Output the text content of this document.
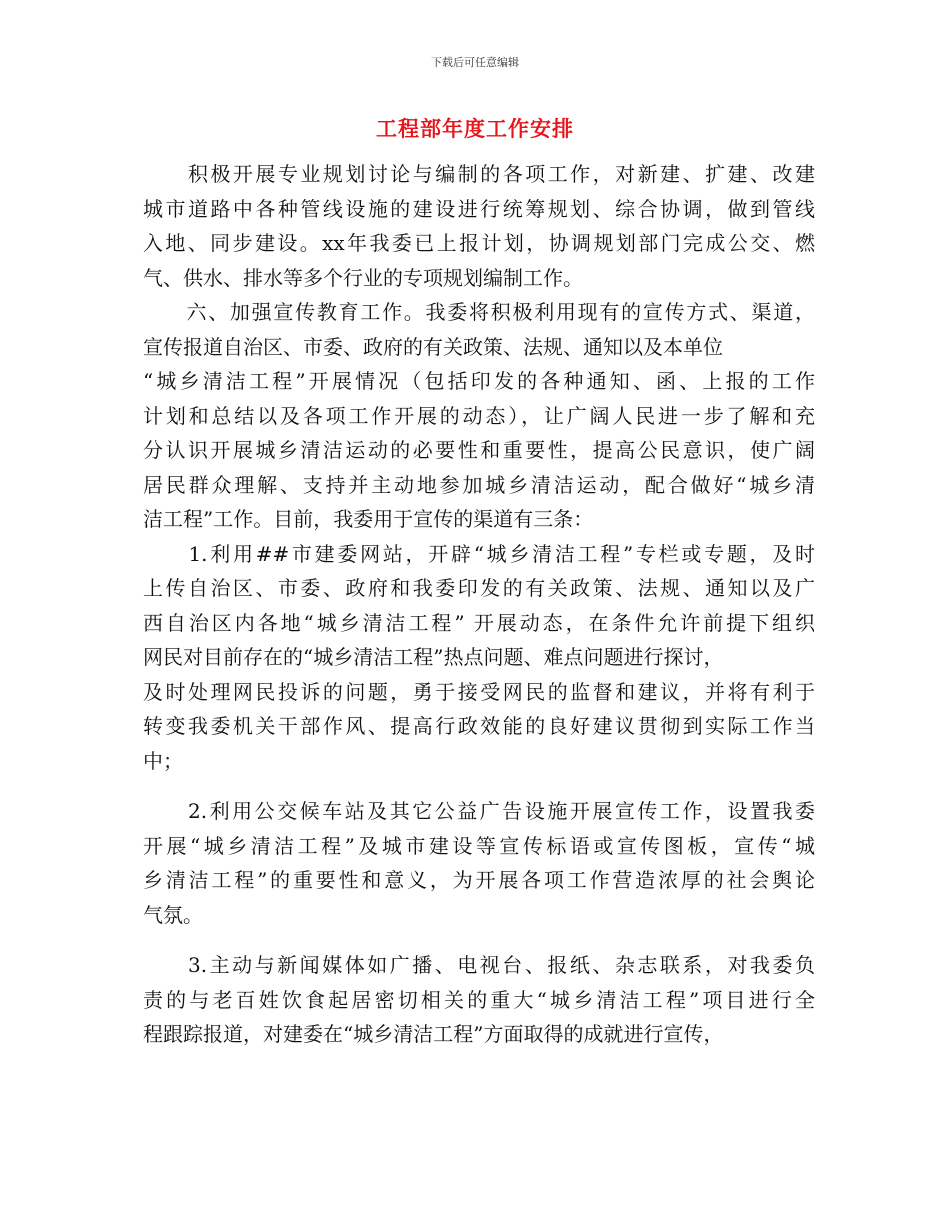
下载后可任意编辑
工程部年度工作安排
　　积极开展专业规划讨论与编制的各项工作，对新建、扩建、改建
城市道路中各种管线设施的建设进行统筹规划、综合协调，做到管线
入地、同步建设。xx年我委已上报计划，协调规划部门完成公交、燃
气、供水、排水等多个行业的专项规划编制工作。
　　六、加强宣传教育工作。我委将积极利用现有的宣传方式、渠道，
宣传报道自治区、市委、政府的有关政策、法规、通知以及本单位
“城乡清洁工程”开展情况（包括印发的各种通知、函、上报的工作
计划和总结以及各项工作开展的动态），让广阔人民进一步了解和充
分认识开展城乡清洁运动的必要性和重要性，提高公民意识，使广阔
居民群众理解、支持并主动地参加城乡清洁运动，配合做好“城乡清
洁工程”工作。目前，我委用于宣传的渠道有三条：
　　1.利用##市建委网站，开辟“城乡清洁工程”专栏或专题，及时
上传自治区、市委、政府和我委印发的有关政策、法规、通知以及广
西自治区内各地“城乡清洁工程” 开展动态，在条件允许前提下组织
网民对目前存在的“城乡清洁工程”热点问题、难点问题进行探讨，
及时处理网民投诉的问题，勇于接受网民的监督和建议，并将有利于
转变我委机关干部作风、提高行政效能的良好建议贯彻到实际工作当
中；
　　2.利用公交候车站及其它公益广告设施开展宣传工作，设置我委
开展“城乡清洁工程”及城市建设等宣传标语或宣传图板，宣传“城
乡清洁工程”的重要性和意义，为开展各项工作营造浓厚的社会舆论
气氛。
　　3.主动与新闻媒体如广播、电视台、报纸、杂志联系，对我委负
责的与老百姓饮食起居密切相关的重大“城乡清洁工程”项目进行全
程跟踪报道，对建委在“城乡清洁工程”方面取得的成就进行宣传，
